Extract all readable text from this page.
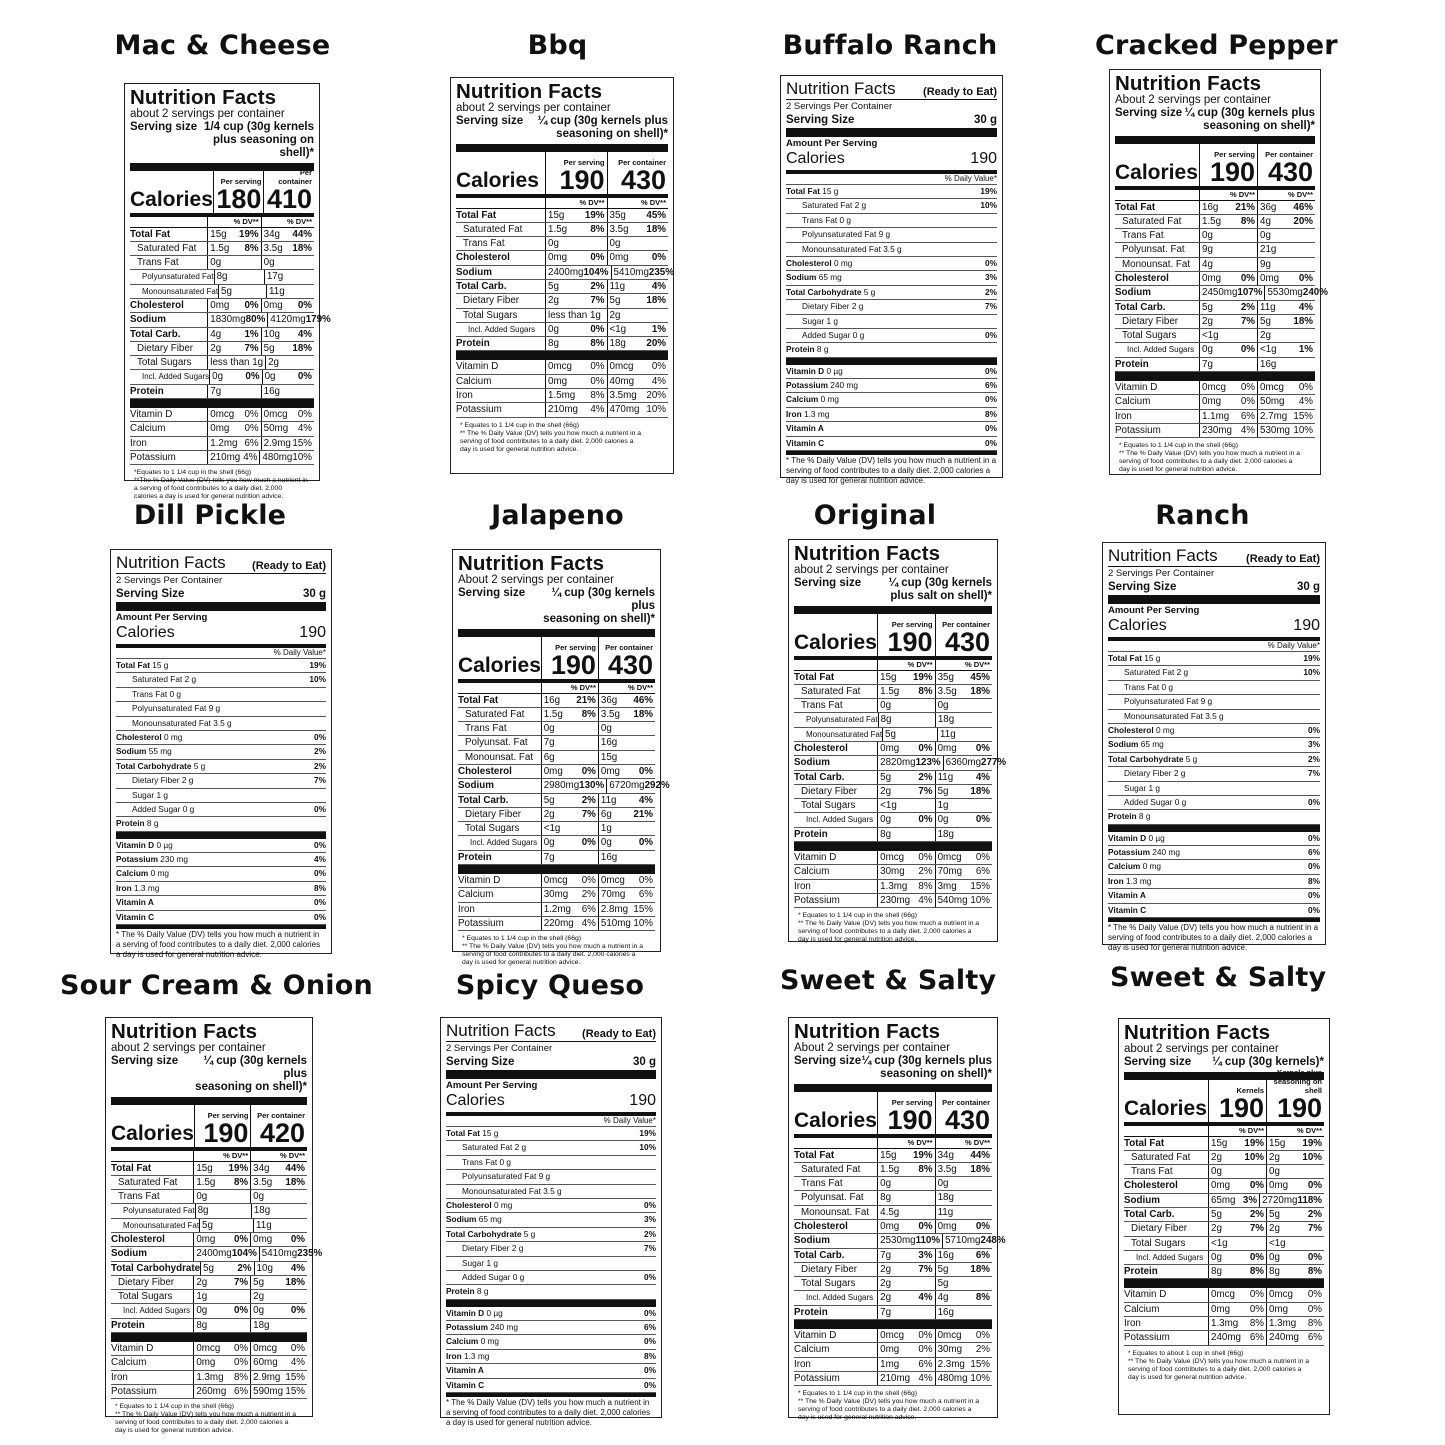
Mac & Cheese
Nutrition Facts
about 2 servings per container
Serving size 1/4 cup (30g kernels
plus seasoning on shell)*
Calories
Per serving
180
Per container
410
% DV**	% DV**
Total Fat	15g	19% 34g	44%
Saturated Fat	1.5g	8% 3.5g 18%
Trans Fat	0g	0g
Polyunsaturated Fat 8g	17g
Monounsaturated Fat 5g	11g
Cholesterol	0mg	0% 0mg	0%
Sodium	1830mg 80% 4120mg 179%
Total Carb.	4g	1% 10g	4%
Dietary Fiber	2g	7% 5g	18%
Total Sugars	less than 1g 2g
Incl. Added Sugars 0g	0% 0g	0%
Protein	7g	16g
Vitamin D	0mcg	0% 0mcg	0%
Calcium	0mg	0% 50mg 4%
Iron	1.2mg 6% 2.9mg 15%
Potassium	210mg 4% 480mg 10%
*Equates to 1 1/4 cup in the shell (66g)
**The % Daily Value (DV) tells you how much a nutrient in
a serving of food contributes to a daily diet. 2,000
calories a day is used for general nutrition advice.
Bbq
Nutrition Facts
about 2 servings per container
Serving size	¼ cup (30g kernels plus
seasoning on shell)*
Calories
Per serving
190
Per container
430
% DV**	% DV**
Total Fat	15g	19% 35g	45%
Saturated Fat	1.5g	8% 3.5g	18%
Trans Fat	0g	0g
Cholesterol	0mg	0% 0mg	0%
Sodium	2400mg 104% 5410mg 235%
Total Carb.	5g	2% 11g	4%
Dietary Fiber	2g	7% 5g	18%
Total Sugars	less than 1g 2g
Incl. Added Sugars	0g	0% <1g	1%
Protein	8g	8% 18g	20%
Vitamin D	0mcg	0% 0mcg	0%
Calcium	0mg	0% 40mg	4%
Iron	1.5mg	8% 3.5mg 20%
Potassium	210mg	4% 470mg 10%
* Equates to 1 1/4 cup in the shell (66g)
** The % Daily Value (DV) tells you how much a nutrient in a
serving of food contributes to a daily diet. 2,000 calories a
day is used for general nutrition advice.
Buffalo Ranch
Nutrition Facts (Ready to Eat)
2 Servings Per Container
Serving Size	30 g
Amount Per Serving
Calories	190
% Daily Value*
Total Fat 15 g	19%
Saturated Fat 2 g	10%
Trans Fat 0 g
Polyunsaturated Fat 9 g
Monounsaturated Fat 3.5 g
Cholesterol 0 mg	0%
Sodium 65 mg	3%
Total Carbohydrate 5 g	2%
Dietary Fiber 2 g	7%
Sugar 1 g
Added Sugar 0 g	0%
Protein 8 g
Vitamin D 0 µg	0%
Potassium 240 mg	6%
Calcium 0 mg	0%
Iron 1.3 mg	8%
Vitamin A	0%
Vitamin C	0%
* The % Daily Value (DV) tells you how much a nutrient in a serving of food contributes to a daily diet. 2,000 calories a day is used for general nutrition advice.
Cracked Pepper
Nutrition Facts
About 2 servings per container
Serving size ¼ cup (30g kernels plus
seasoning on shell)*
Calories
Per serving
190
Per container
430
% DV**	% DV**
Total Fat	16g	21% 36g	46%
Saturated Fat	1.5g	8% 4g	20%
Trans Fat	0g	0g
Polyunsat. Fat	9g	21g
Monounsat. Fat	4g	9g
Cholesterol	0mg	0% 0mg	0%
Sodium	2450mg 107% 5530mg 240%
Total Carb.	5g	2% 11g	4%
Dietary Fiber	2g	7% 5g	18%
Total Sugars	<1g	2g
Incl. Added Sugars 0g	0% <1g	1%
Protein	7g	16g
Vitamin D	0mcg	0% 0mcg	0%
Calcium	0mg	0% 50mg	4%
Iron	1.1mg	6% 2.7mg 15%
Potassium	230mg 4% 530mg 10%
* Equates to 1 1/4 cup in the shell (66g)
** The % Daily Value (DV) tells you how much a nutrient in a
serving of food contributes to a daily diet. 2,000 calories a
day is used for general nutrition advice.
Dill Pickle
Nutrition Facts (Ready to Eat)
2 Servings Per Container
Serving Size	30 g
Amount Per Serving
Calories	190
% Daily Value*
Total Fat 15 g	19%
Saturated Fat 2 g	10%
Trans Fat 0 g
Polyunsaturated Fat 9 g
Monounsaturated Fat 3.5 g
Cholesterol 0 mg	0%
Sodium 55 mg	2%
Total Carbohydrate 5 g	2%
Dietary Fiber 2 g	7%
Sugar 1 g
Added Sugar 0 g	0%
Protein 8 g
Vitamin D 0 µg	0%
Potassium 230 mg	4%
Calcium 0 mg	0%
Iron 1.3 mg	8%
Vitamin A	0%
Vitamin C	0%
* The % Daily Value (DV) tells you how much a nutrient in a serving of food contributes to a daily diet. 2,000 calories a day is used for general nutrition advice.
Jalapeno
Nutrition Facts
About 2 servings per container
Serving size	¼ cup (30g kernels plus
seasoning on shell)*
Calories
Per serving
190
Per container
430
% DV**	% DV**
Total Fat	16g	21% 36g	46%
Saturated Fat	1.5g	8% 3.5g	18%
Trans Fat	0g	0g
Polyunsat. Fat	7g	16g
Monounsat. Fat	6g	15g
Cholesterol	0mg	0% 0mg	0%
Sodium	2980mg 130% 6720mg 292%
Total Carb.	5g	2% 11g	4%
Dietary Fiber	2g	7% 6g	21%
Total Sugars	<1g	1g
Incl. Added Sugars 0g	0% 0g	0%
Protein	7g	16g
Vitamin D	0mcg	0% 0mcg	0%
Calcium	30mg	2% 70mg	6%
Iron	1.2mg	6% 2.8mg 15%
Potassium	220mg 4% 510mg 10%
* Equates to 1 1/4 cup in the shell (66g)
** The % Daily Value (DV) tells you how much a nutrient in a
serving of food contributes to a daily diet. 2,000 calories a
day is used for general nutrition advice.
Original
Nutrition Facts
about 2 servings per container
Serving size	¼ cup (30g kernels
plus salt on shell)*
Calories
Per serving
190
Per container
430
% DV**	% DV**
Total Fat	15g	19% 35g	45%
Saturated Fat	1.5g	8% 3.5g	18%
Trans Fat	0g	0g
Polyunsaturated Fat 8g	18g
Monounsaturated Fat 5g	11g
Cholesterol	0mg	0% 0mg	0%
Sodium	2820mg 123% 6360mg 277%
Total Carb.	5g	2% 11g	4%
Dietary Fiber	2g	7% 5g	18%
Total Sugars	<1g	1g
Incl. Added Sugars 0g	0% 0g	0%
Protein	8g	18g
Vitamin D	0mcg	0% 0mcg	0%
Calcium	30mg	2% 70mg	6%
Iron	1.3mg	8% 3mg	15%
Potassium	230mg 4% 540mg 10%
* Equates to 1 1/4 cup in the shell (66g)
** The % Daily Value (DV) tells you how much a nutrient in a
serving of food contributes to a daily diet. 2,000 calories a
day is used for general nutrition advice.
Ranch
Nutrition Facts	(Ready to Eat)
2 Servings Per Container
Serving Size	30 g
Amount Per Serving
Calories	190
% Daily Value*
Total Fat 15 g	19%
Saturated Fat 2 g	10%
Trans Fat 0 g
Polyunsaturated Fat 9 g
Monounsaturated Fat 3.5 g
Cholesterol 0 mg	0%
Sodium 65 mg	3%
Total Carbohydrate 5 g	2%
Dietary Fiber 2 g	7%
Sugar 1 g
Added Sugar 0 g	0%
Protein 8 g
Vitamin D 0 µg	0%
Potassium 240 mg	6%
Calcium 0 mg	0%
Iron 1.3 mg	8%
Vitamin A	0%
Vitamin C	0%
* The % Daily Value (DV) tells you how much a nutrient in a serving of food contributes to a daily diet. 2,000 calories a day is used for general nutrition advice.
Sour Cream & Onion
Nutrition Facts
about 2 servings per container
Serving size	¼ cup (30g kernels plus
seasoning on shell)*
Calories
Per serving
190
Per container
420
% DV**	% DV**
Total Fat	15g	19% 34g	44%
Saturated Fat	1.5g	8% 3.5g	18%
Trans Fat	0g	0g
Polyunsaturated Fat 8g	18g
Monounsaturated Fat 5g	11g
Cholesterol	0mg	0% 0mg	0%
Sodium	2400mg 104% 5410mg 235%
Total Carbohydrate 5g	2% 10g	4%
Dietary Fiber	2g	7% 5g	18%
Total Sugars	1g	2g
Incl. Added Sugars 0g	0% 0g	0%
Protein	8g	18g
Vitamin D	0mcg	0% 0mcg	0%
Calcium	0mg	0% 60mg	4%
Iron	1.3mg	8% 2.9mg 15%
Potassium	260mg 6% 590mg 15%
* Equates to 1 1/4 cup in the shell (66g)
** The % Daily Value (DV) tells you how much a nutrient in a
serving of food contributes to a daily diet. 2,000 calories a
day is used for general nutrition advice.
Spicy Queso
Nutrition Facts (Ready to Eat)
2 Servings Per Container
Serving Size	30 g
Amount Per Serving
Calories	190
% Daily Value*
Total Fat 15 g	19%
Saturated Fat 2 g	10%
Trans Fat 0 g
Polyunsaturated Fat 9 g
Monounsaturated Fat 3.5 g
Cholesterol 0 mg	0%
Sodium 65 mg	3%
Total Carbohydrate 5 g	2%
Dietary Fiber 2 g	7%
Sugar 1 g
Added Sugar 0 g	0%
Protein 8 g
Vitamin D 0 µg	0%
Potassium 240 mg	6%
Calcium 0 mg	0%
Iron 1.3 mg	8%
Vitamin A	0%
Vitamin C	0%
* The % Daily Value (DV) tells you how much a nutrient in a serving of food contributes to a daily diet. 2,000 calories a day is used for general nutrition advice.
Sweet & Salty
Nutrition Facts
About 2 servings per container
Serving size ¼ cup (30g kernels plus
seasoning on shell)*
Calories
Per serving
190
Per container
430
% DV**	% DV**
Total Fat	15g	19% 34g	44%
Saturated Fat	1.5g	8% 3.5g	18%
Trans Fat	0g	0g
Polyunsat. Fat	8g	18g
Monounsat. Fat	4.5g	11g
Cholesterol	0mg	0% 0mg	0%
Sodium	2530mg 110% 5710mg 248%
Total Carb.	7g	3% 16g	6%
Dietary Fiber	2g	7% 5g	18%
Total Sugars	2g	5g
Incl. Added Sugars 2g	4% 4g	8%
Protein	7g	16g
Vitamin D	0mcg	0% 0mcg	0%
Calcium	0mg	0% 30mg	2%
Iron	1mg	6% 2.3mg 15%
Potassium	210mg 4% 480mg 10%
* Equates to 1 1/4 cup in the shell (66g)
** The % Daily Value (DV) tells you how much a nutrient in a
serving of food contributes to a daily diet. 2,000 calories a
day is used for general nutrition advice.
Sweet & Salty
Nutrition Facts
about 2 servings per container
Serving size	¼ cup (30g kernels)*
Calories
Kernels
190
Kernels plus
seasoning on shell
190
% DV**	% DV**
Total Fat	15g	19% 15g	19%
Saturated Fat	2g	10% 2g	10%
Trans Fat	0g	0g
Cholesterol	0mg	0% 0mg	0%
Sodium	65mg 3% 2720mg 118%
Total Carb.	5g	2% 5g	2%
Dietary Fiber	2g	7% 2g	7%
Total Sugars	<1g	<1g
Incl. Added Sugars 0g	0% 0g	0%
Protein	8g	8% 8g	8%
Vitamin D	0mcg	0% 0mcg	0%
Calcium	0mg	0% 0mg	0%
Iron	1.3mg	8% 1.3mg	8%
Potassium	240mg 6% 240mg 6%
* Equates to about 1 cup in shell (66g)
** The % Daily Value (DV) tells you how much a nutrient in a
serving of food contributes to a daily diet. 2,000 calories a
day is used for general nutrition advice.
